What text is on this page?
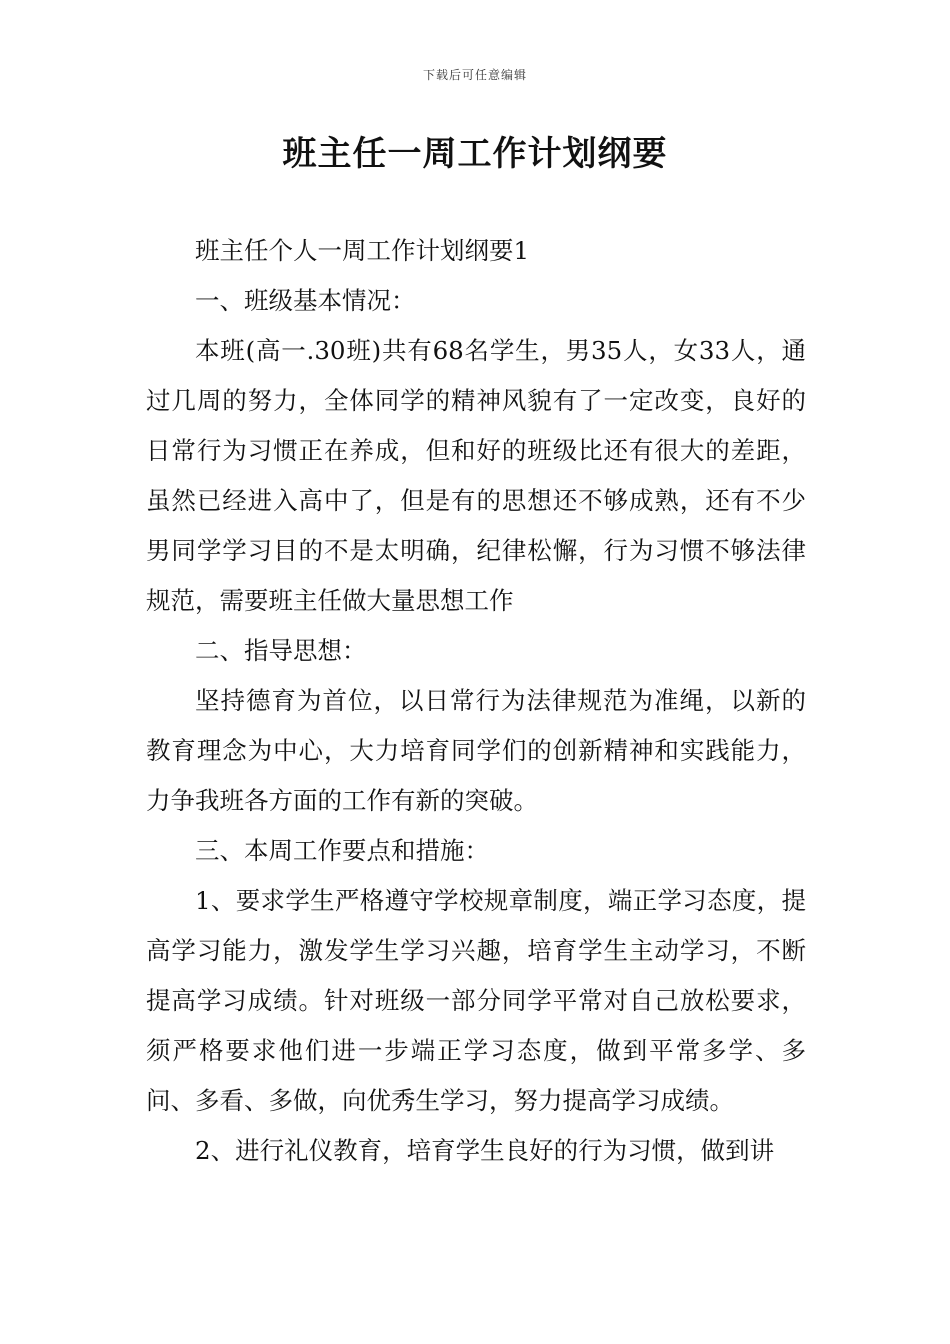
下载后可任意编辑
班主任一周工作计划纲要

班主任个人一周工作计划纲要1

一、班级基本情况：

本班(高一.30班)共有68名学生，男35人，女33人，通过几周的努力，全体同学的精神风貌有了一定改变，良好的日常行为习惯正在养成，但和好的班级比还有很大的差距，虽然已经进入高中了，但是有的思想还不够成熟，还有不少男同学学习目的不是太明确，纪律松懈，行为习惯不够法律规范，需要班主任做大量思想工作

二、指导思想：

坚持德育为首位，以日常行为法律规范为准绳，以新的教育理念为中心，大力培育同学们的创新精神和实践能力，力争我班各方面的工作有新的突破。

三、本周工作要点和措施：

1、要求学生严格遵守学校规章制度，端正学习态度，提高学习能力，激发学生学习兴趣，培育学生主动学习，不断提高学习成绩。针对班级一部分同学平常对自己放松要求，须严格要求他们进一步端正学习态度，做到平常多学、多问、多看、多做，向优秀生学习，努力提高学习成绩。

2、进行礼仪教育，培育学生良好的行为习惯，做到讲
